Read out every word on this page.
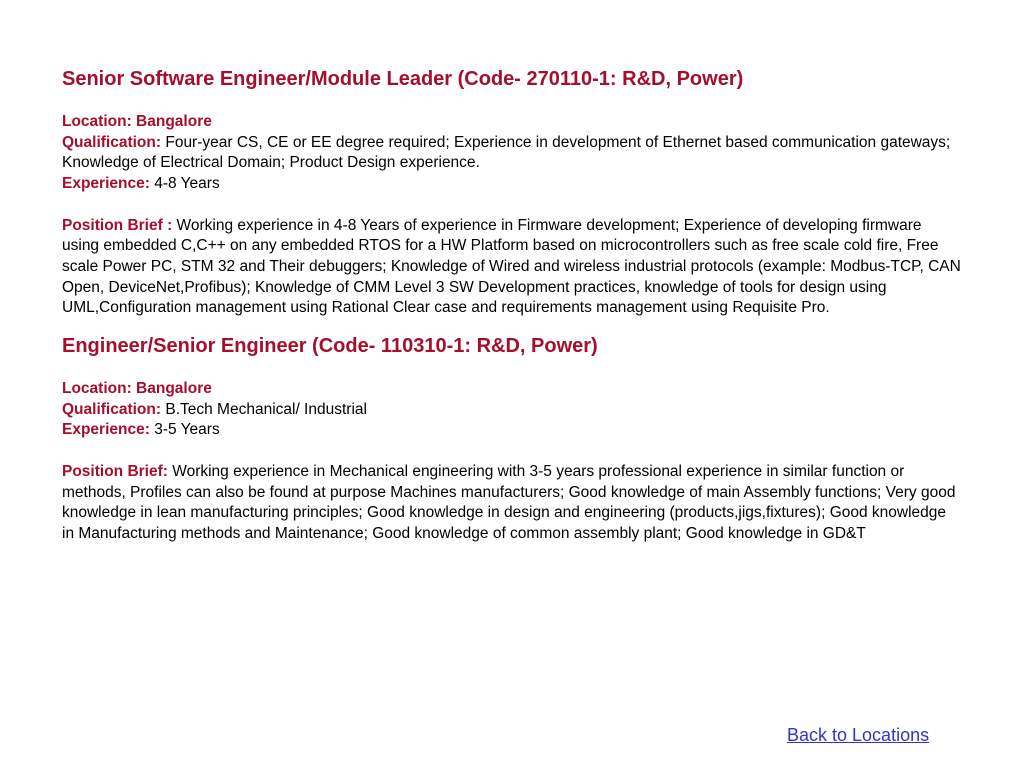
Senior Software Engineer/Module Leader (Code- 270110-1: R&D, Power)
Location: Bangalore
Qualification: Four-year CS, CE or EE degree required; Experience in development of Ethernet based communication gateways; Knowledge of Electrical Domain; Product Design experience.
Experience: 4-8 Years
Position Brief : Working experience in 4-8 Years of experience in Firmware development; Experience of developing firmware using embedded C,C++ on any embedded RTOS for a HW Platform based on microcontrollers such as free scale cold fire, Free scale Power PC, STM 32 and Their debuggers; Knowledge of Wired and wireless industrial protocols (example: Modbus-TCP, CAN Open, DeviceNet,Profibus); Knowledge of CMM Level 3 SW Development practices, knowledge of tools for design using UML,Configuration management using Rational Clear case and requirements management using Requisite Pro.
Engineer/Senior Engineer (Code- 110310-1: R&D, Power)
Location: Bangalore
Qualification: B.Tech Mechanical/ Industrial
Experience: 3-5 Years
Position Brief: Working experience in Mechanical engineering with 3-5 years professional experience in similar function or methods, Profiles can also be found at purpose Machines manufacturers; Good knowledge of main Assembly functions; Very good knowledge in lean manufacturing principles; Good knowledge in design and engineering (products,jigs,fixtures); Good knowledge in Manufacturing methods and Maintenance; Good knowledge of common assembly plant; Good knowledge in GD&T
Back to Locations
